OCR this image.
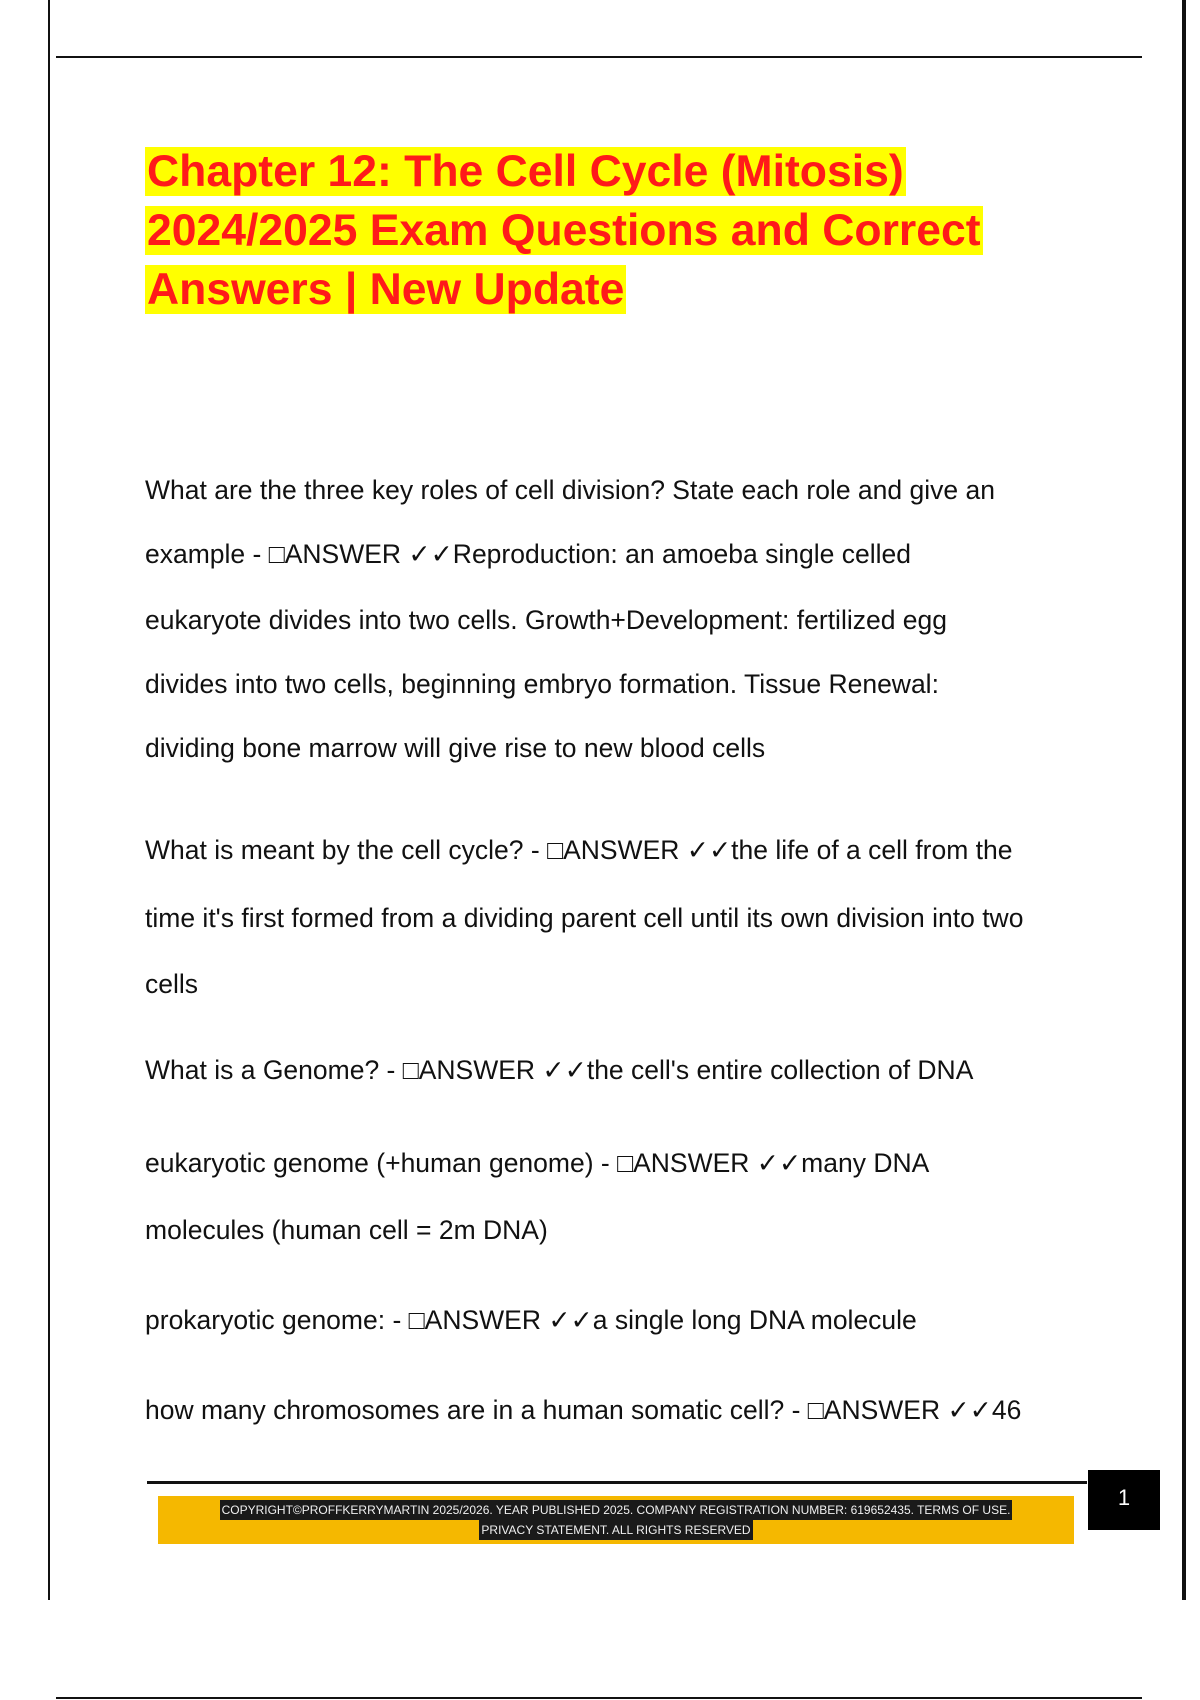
Chapter 12: The Cell Cycle (Mitosis)
2024/2025 Exam Questions and Correct
Answers | New Update
What are the three key roles of cell division? State each role and give an
example - □ANSWER ✓✓Reproduction: an amoeba single celled
eukaryote divides into two cells. Growth+Development: fertilized egg
divides into two cells, beginning embryo formation. Tissue Renewal:
dividing bone marrow will give rise to new blood cells
What is meant by the cell cycle? - □ANSWER ✓✓the life of a cell from the
time it's first formed from a dividing parent cell until its own division into two
cells
What is a Genome? - □ANSWER ✓✓the cell's entire collection of DNA
eukaryotic genome (+human genome) - □ANSWER ✓✓many DNA
molecules (human cell = 2m DNA)
prokaryotic genome: - □ANSWER ✓✓a single long DNA molecule
how many chromosomes are in a human somatic cell? - □ANSWER ✓✓46
COPYRIGHT©PROFFKERRYMARTIN 2025/2026. YEAR PUBLISHED 2025. COMPANY REGISTRATION NUMBER: 619652435. TERMS OF USE.
PRIVACY STATEMENT. ALL RIGHTS RESERVED
1
